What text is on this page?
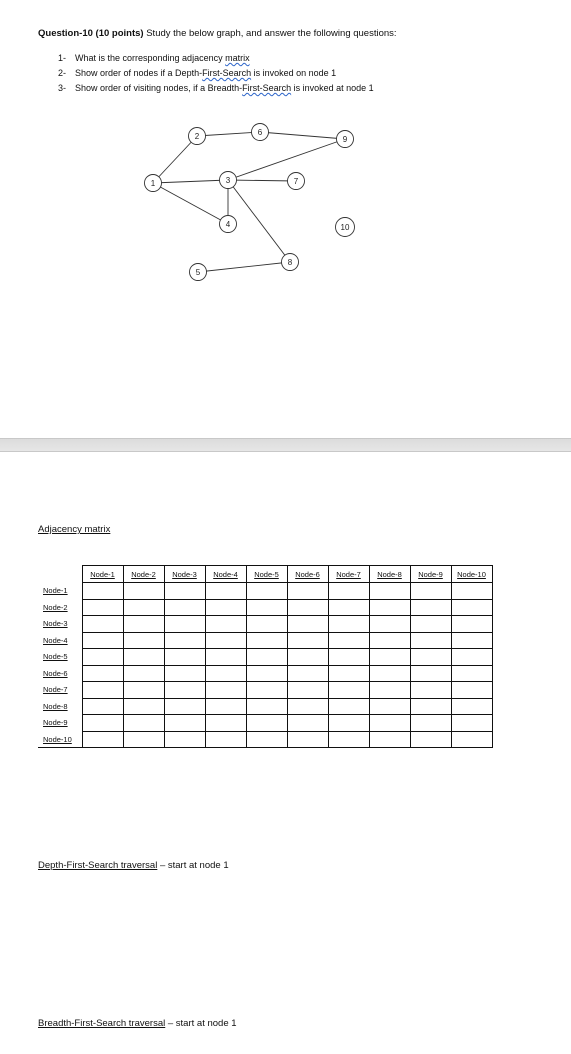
Question-10 (10 points) Study the below graph, and answer the following questions:
1- What is the corresponding adjacency matrix
2- Show order of nodes if a Depth-First-Search is invoked on node 1
3- Show order of visiting nodes, if a Breadth-First-Search is invoked at node 1
1
2
3
4
5
6
7
8
9
10
Adjacency matrix
	Node-1	Node-2	Node-3	Node-4	Node-5	Node-6	Node-7	Node-8	Node-9	Node-10
Node-1										
Node-2										
Node-3										
Node-4										
Node-5										
Node-6										
Node-7										
Node-8										
Node-9										
Node-10										
Depth-First-Search traversal – start at node 1
Breadth-First-Search traversal – start at node 1
